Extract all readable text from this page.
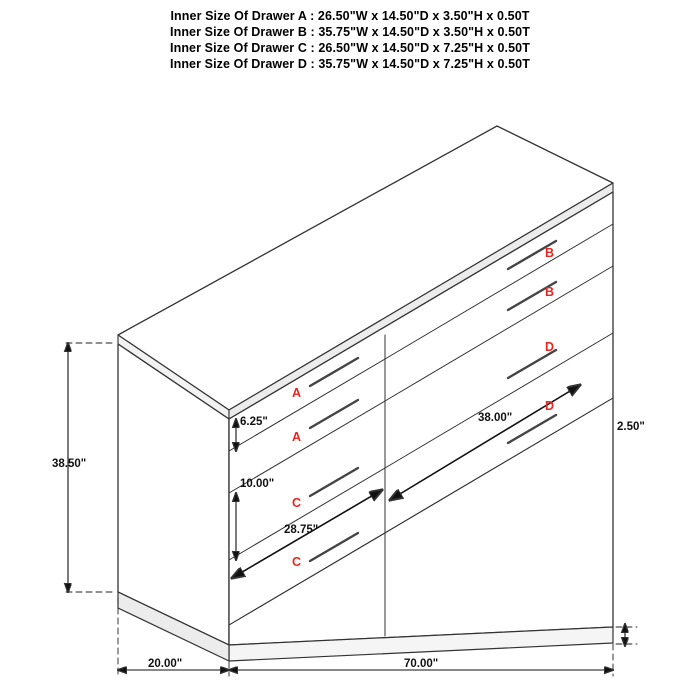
Inner Size Of Drawer A : 26.50"W x 14.50"D x 3.50"H x 0.50T
Inner Size Of Drawer B : 35.75"W x 14.50"D x 3.50"H x 0.50T
Inner Size Of Drawer C : 26.50"W x 14.50"D x 7.25"H x 0.50T
Inner Size Of Drawer D : 35.75"W x 14.50"D x 7.25"H x 0.50T
38.50"
20.00"	70.00"
2.50"
6.25"
10.00"
38.00"
28.75"
B
B
D
D
A
A
C
C
